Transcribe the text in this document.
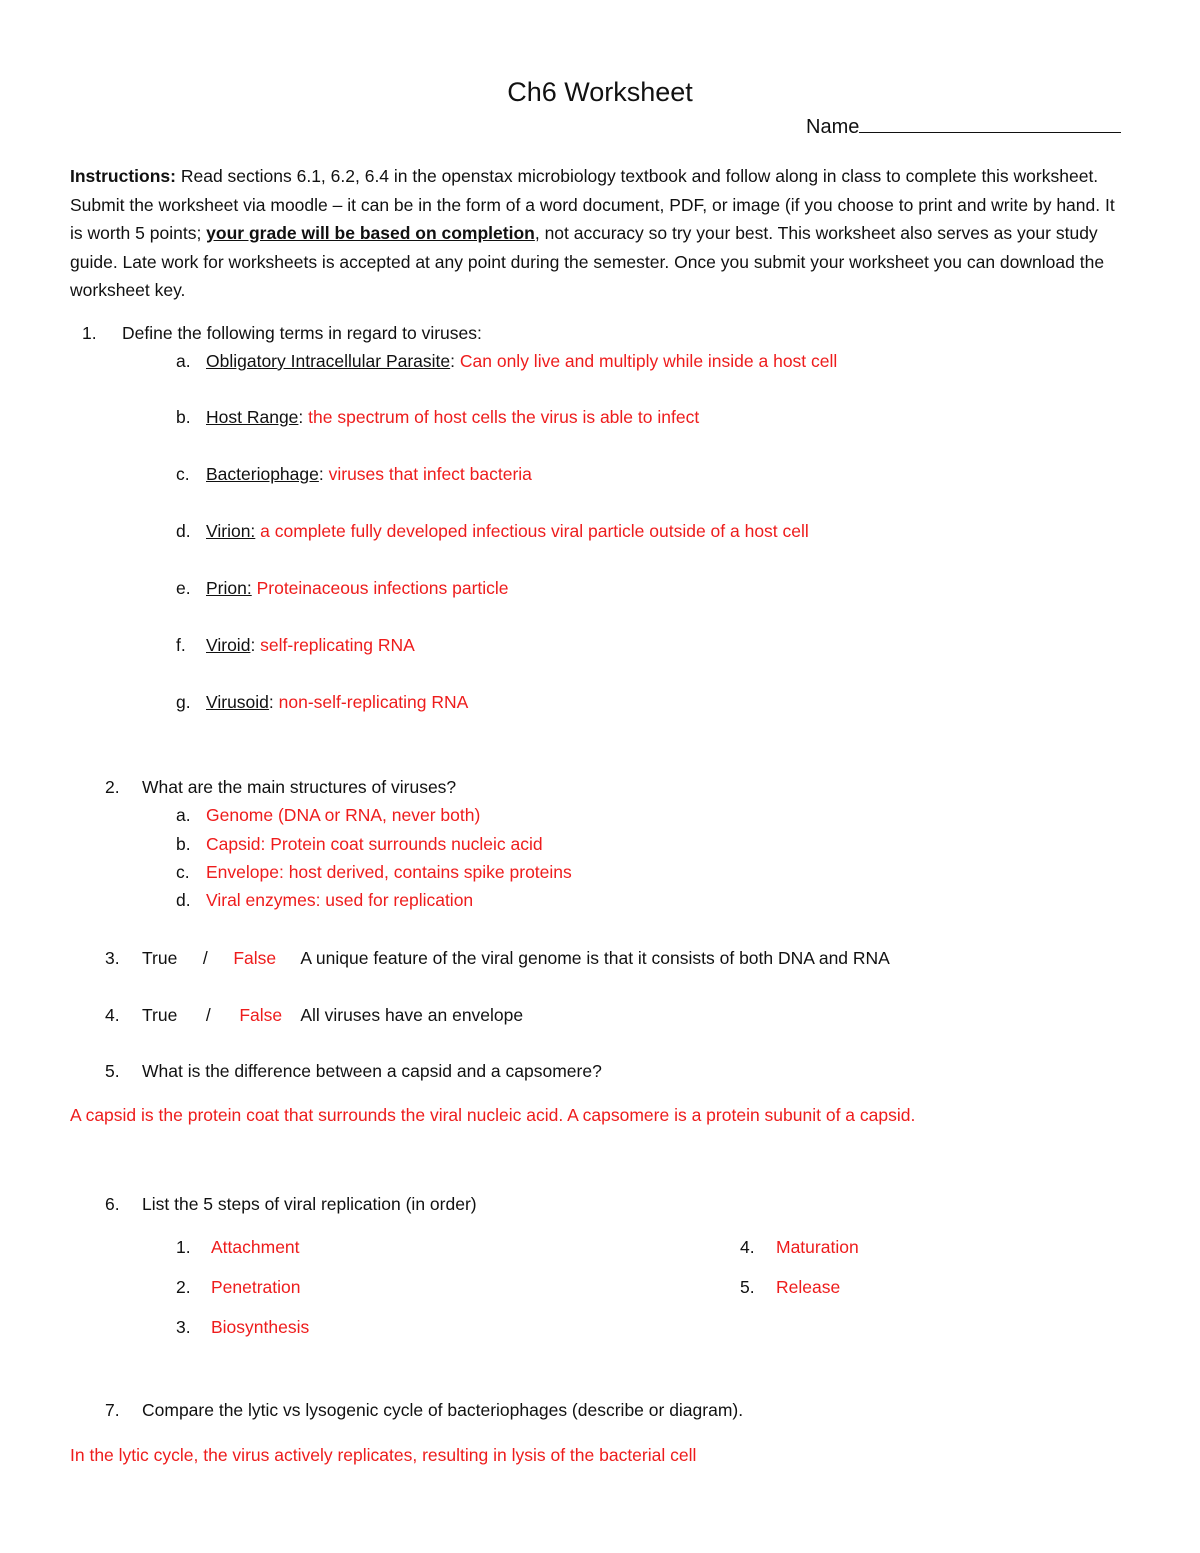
Ch6 Worksheet
Name
Instructions: Read sections 6.1, 6.2, 6.4 in the openstax microbiology textbook and follow along in class to complete this worksheet. Submit the worksheet via moodle – it can be in the form of a word document, PDF, or image (if you choose to print and write by hand. It is worth 5 points; your grade will be based on completion, not accuracy so try your best. This worksheet also serves as your study guide. Late work for worksheets is accepted at any point during the semester. Once you submit your worksheet you can download the worksheet key.
1. Define the following terms in regard to viruses:
a. Obligatory Intracellular Parasite: Can only live and multiply while inside a host cell
b. Host Range: the spectrum of host cells the virus is able to infect
c. Bacteriophage: viruses that infect bacteria
d. Virion: a complete fully developed infectious viral particle outside of a host cell
e. Prion: Proteinaceous infections particle
f. Viroid: self-replicating RNA
g. Virusoid: non-self-replicating RNA
2. What are the main structures of viruses?
a. Genome (DNA or RNA, never both)
b. Capsid: Protein coat surrounds nucleic acid
c. Envelope: host derived, contains spike proteins
d. Viral enzymes: used for replication
3. True / False A unique feature of the viral genome is that it consists of both DNA and RNA
4. True / False All viruses have an envelope
5. What is the difference between a capsid and a capsomere?
A capsid is the protein coat that surrounds the viral nucleic acid. A capsomere is a protein subunit of a capsid.
6. List the 5 steps of viral replication (in order)
1. Attachment
2. Penetration
3. Biosynthesis
4. Maturation
5. Release
7. Compare the lytic vs lysogenic cycle of bacteriophages (describe or diagram).
In the lytic cycle, the virus actively replicates, resulting in lysis of the bacterial cell
